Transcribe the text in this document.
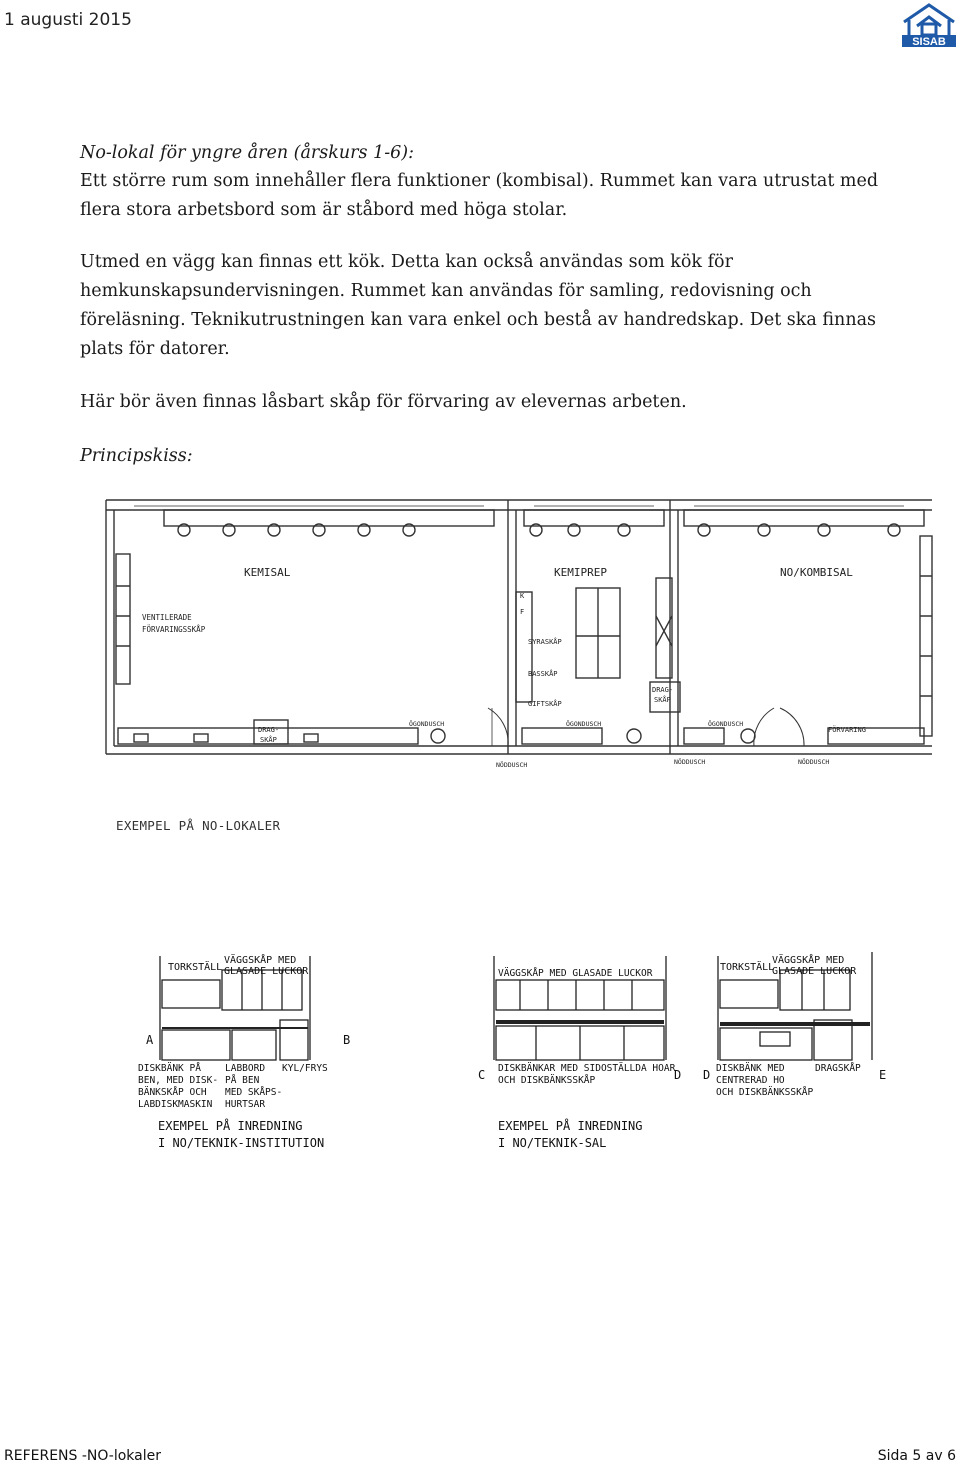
1 augusti 2015
SISAB
No-lokal för yngre åren (årskurs 1-6):

Ett större rum som innehåller flera funktioner (kombisal). Rummet kan vara utrustat med flera stora arbetsbord som är ståbord med höga stolar.

Utmed en vägg kan finnas ett kök. Detta kan också användas som kök för hemkunskapsundervisningen. Rummet kan användas för samling, redovisning och föreläsning. Teknikutrustningen kan vara enkel och bestå av handredskap. Det ska finnas plats för datorer.

Här bör även finnas låsbart skåp för förvaring av elevernas arbeten.

Principskiss:
KEMISAL	KEMIPREP	NO/KOMBISAL
VENTILERADE
FÖRVARINGSSKÅP
DRAG-
SKÅP
K
F
SYRASKÅP
BASSKÅP
GIFTSKÅP
DRAG-
SKÅP
ÖGONDUSCH	ÖGONDUSCH	ÖGONDUSCH
FÖRVARING
NÖDDUSCH	NÖDDUSCH	NÖDDUSCH
EXEMPEL PÅ NO-LOKALER
TORKSTÄLL
VÄGGSKÅP MED
GLASADE LUCKOR
A	B
DISKBÄNK PÅ
BEN, MED DISK-
BÄNKSKÅP OCH
LABDISKMASKIN
LABBORD
PÅ BEN
MED SKÅPS-
HURTSAR
KYL/FRYS
EXEMPEL PÅ INREDNING
I NO/TEKNIK-INSTITUTION
VÄGGSKÅP MED GLASADE LUCKOR
C	D
DISKBÄNKAR MED SIDOSTÄLLDA HOAR
OCH DISKBÄNKSSKÅP
EXEMPEL PÅ INREDNING
I NO/TEKNIK-SAL
TORKSTÄLL
VÄGGSKÅP MED
GLASADE LUCKOR
D	E
DISKBÄNK MED
CENTRERAD HO
OCH DISKBÄNKSSKÅP
DRAGSKÅP
REFERENS -NO-lokaler	Sida 5 av 6
